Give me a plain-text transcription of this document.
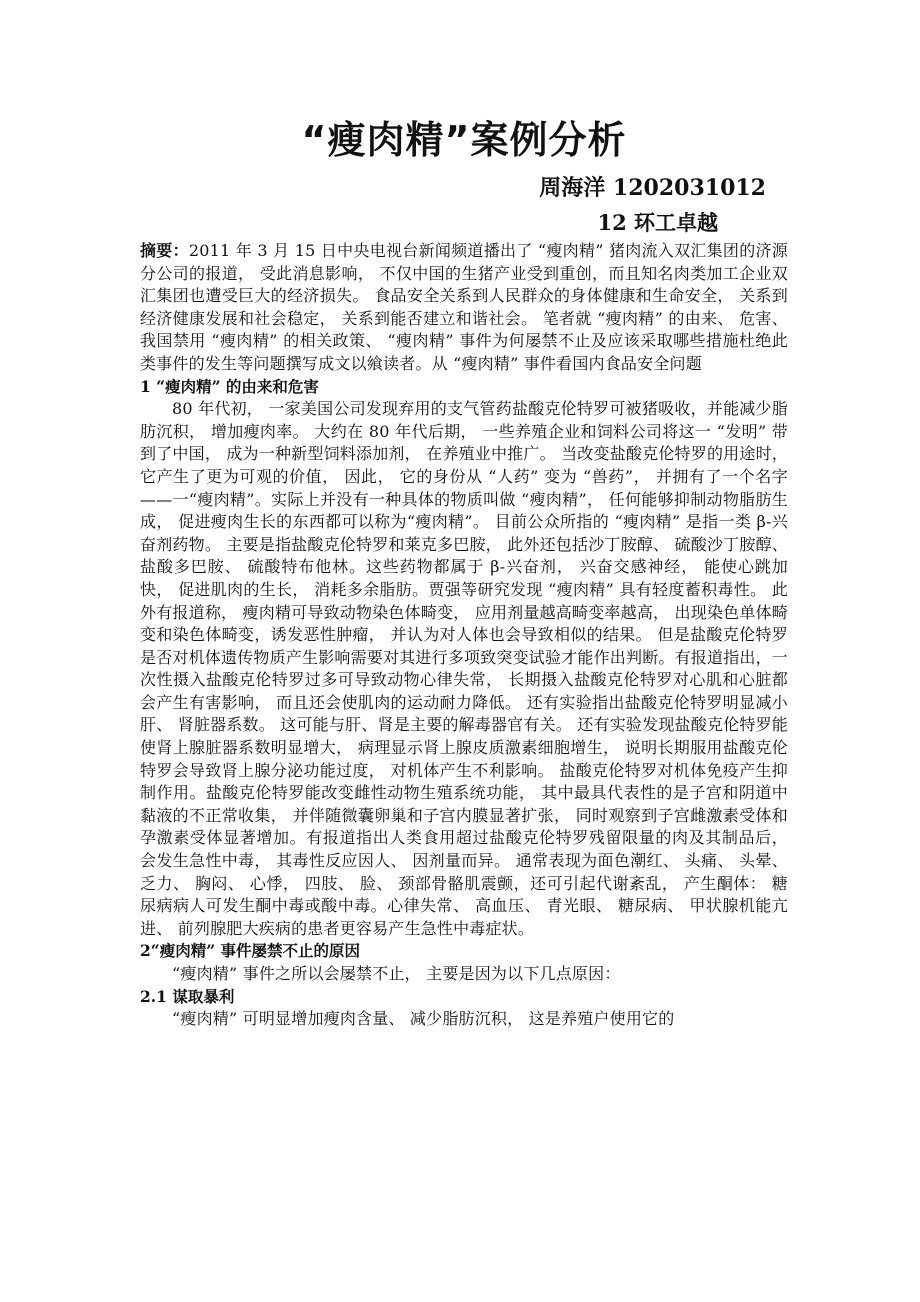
“瘦肉精”案例分析

周海洋 1202031012

12 环工卓越

摘要：2011 年 3 月 15 日中央电视台新闻频道播出了 “瘦肉精” 猪肉流入双汇集团的济源分公司的报道， 受此消息影响， 不仅中国的生猪产业受到重创，而且知名肉类加工企业双汇集团也遭受巨大的经济损失。 食品安全关系到人民群众的身体健康和生命安全， 关系到经济健康发展和社会稳定， 关系到能否建立和谐社会。 笔者就 “瘦肉精” 的由来、 危害、 我国禁用 “瘦肉精” 的相关政策、 “瘦肉精” 事件为何屡禁不止及应该采取哪些措施杜绝此类事件的发生等问题撰写成文以飨读者。从 “瘦肉精” 事件看国内食品安全问题

1 “瘦肉精” 的由来和危害

80 年代初， 一家美国公司发现弃用的支气管药盐酸克伦特罗可被猪吸收，并能减少脂肪沉积， 增加瘦肉率。 大约在 80 年代后期， 一些养殖企业和饲料公司将这一 “发明” 带到了中国， 成为一种新型饲料添加剂， 在养殖业中推广。 当改变盐酸克伦特罗的用途时， 它产生了更为可观的价值， 因此， 它的身份从 “人药” 变为 “兽药”， 并拥有了一个名字——一“瘦肉精”。实际上并没有一种具体的物质叫做 “瘦肉精”， 任何能够抑制动物脂肪生成， 促进瘦肉生长的东西都可以称为“瘦肉精”。 目前公众所指的 “瘦肉精” 是指一类 β-兴奋剂药物。 主要是指盐酸克伦特罗和莱克多巴胺， 此外还包括沙丁胺醇、 硫酸沙丁胺醇、 盐酸多巴胺、 硫酸特布他林。这些药物都属于 β-兴奋剂， 兴奋交感神经， 能使心跳加快， 促进肌肉的生长， 消耗多余脂肪。贾强等研究发现 “瘦肉精” 具有轻度蓄积毒性。 此外有报道称， 瘦肉精可导致动物染色体畸变， 应用剂量越高畸变率越高， 出现染色单体畸变和染色体畸变，诱发恶性肿瘤， 并认为对人体也会导致相似的结果。 但是盐酸克伦特罗是否对机体遗传物质产生影响需要对其进行多项致突变试验才能作出判断。有报道指出，一次性摄入盐酸克伦特罗过多可导致动物心律失常， 长期摄入盐酸克伦特罗对心肌和心脏都会产生有害影响， 而且还会使肌肉的运动耐力降低。 还有实验指出盐酸克伦特罗明显减小肝、 肾脏器系数。 这可能与肝、肾是主要的解毒器官有关。 还有实验发现盐酸克伦特罗能使肾上腺脏器系数明显增大， 病理显示肾上腺皮质激素细胞增生， 说明长期服用盐酸克伦特罗会导致肾上腺分泌功能过度， 对机体产生不利影响。 盐酸克伦特罗对机体免疫产生抑制作用。盐酸克伦特罗能改变雌性动物生殖系统功能， 其中最具代表性的是子宫和阴道中黏液的不正常收集， 并伴随微囊卵巢和子宫内膜显著扩张， 同时观察到子宫雌激素受体和孕激素受体显著增加。有报道指出人类食用超过盐酸克伦特罗残留限量的肉及其制品后， 会发生急性中毒， 其毒性反应因人、 因剂量而异。 通常表现为面色潮红、 头痛、 头晕、 乏力、 胸闷、 心悸， 四肢、 脸、 颈部骨骼肌震颤，还可引起代谢紊乱， 产生酮体： 糖尿病病人可发生酮中毒或酸中毒。心律失常、 高血压、 青光眼、 糖尿病、 甲状腺机能亢进、 前列腺肥大疾病的患者更容易产生急性中毒症状。

2“瘦肉精” 事件屡禁不止的原因

“瘦肉精” 事件之所以会屡禁不止， 主要是因为以下几点原因：

2.1 谋取暴利

“瘦肉精” 可明显增加瘦肉含量、 减少脂肪沉积， 这是养殖户使用它的
